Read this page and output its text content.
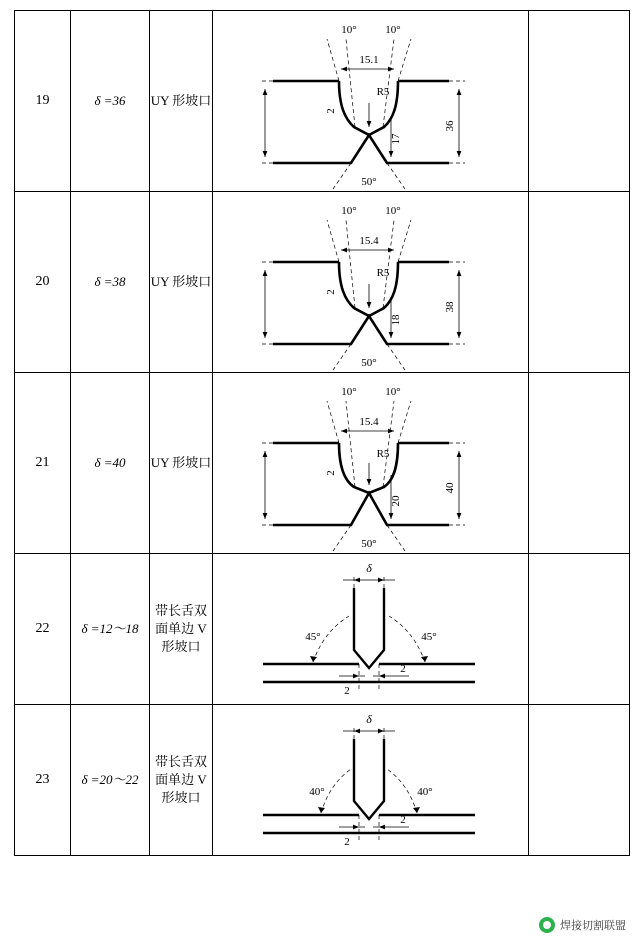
19	δ =36	UY 形坡口	
10°	10°
15.1
2
R5
17
36
50°

20	δ =38	UY 形坡口	
10°	10°
15.4
2
R5
18
38
50°

21	δ =40	UY 形坡口	
10°	10°
15.4
2
R5
20
40
50°

22	δ =12～18	带长舌双面单边 V 形坡口	δ
45° 45°
2
2	

23	δ =20～22	带长舌双面单边 V 形坡口	δ
40° 40°
2
2	

焊接切割联盟
